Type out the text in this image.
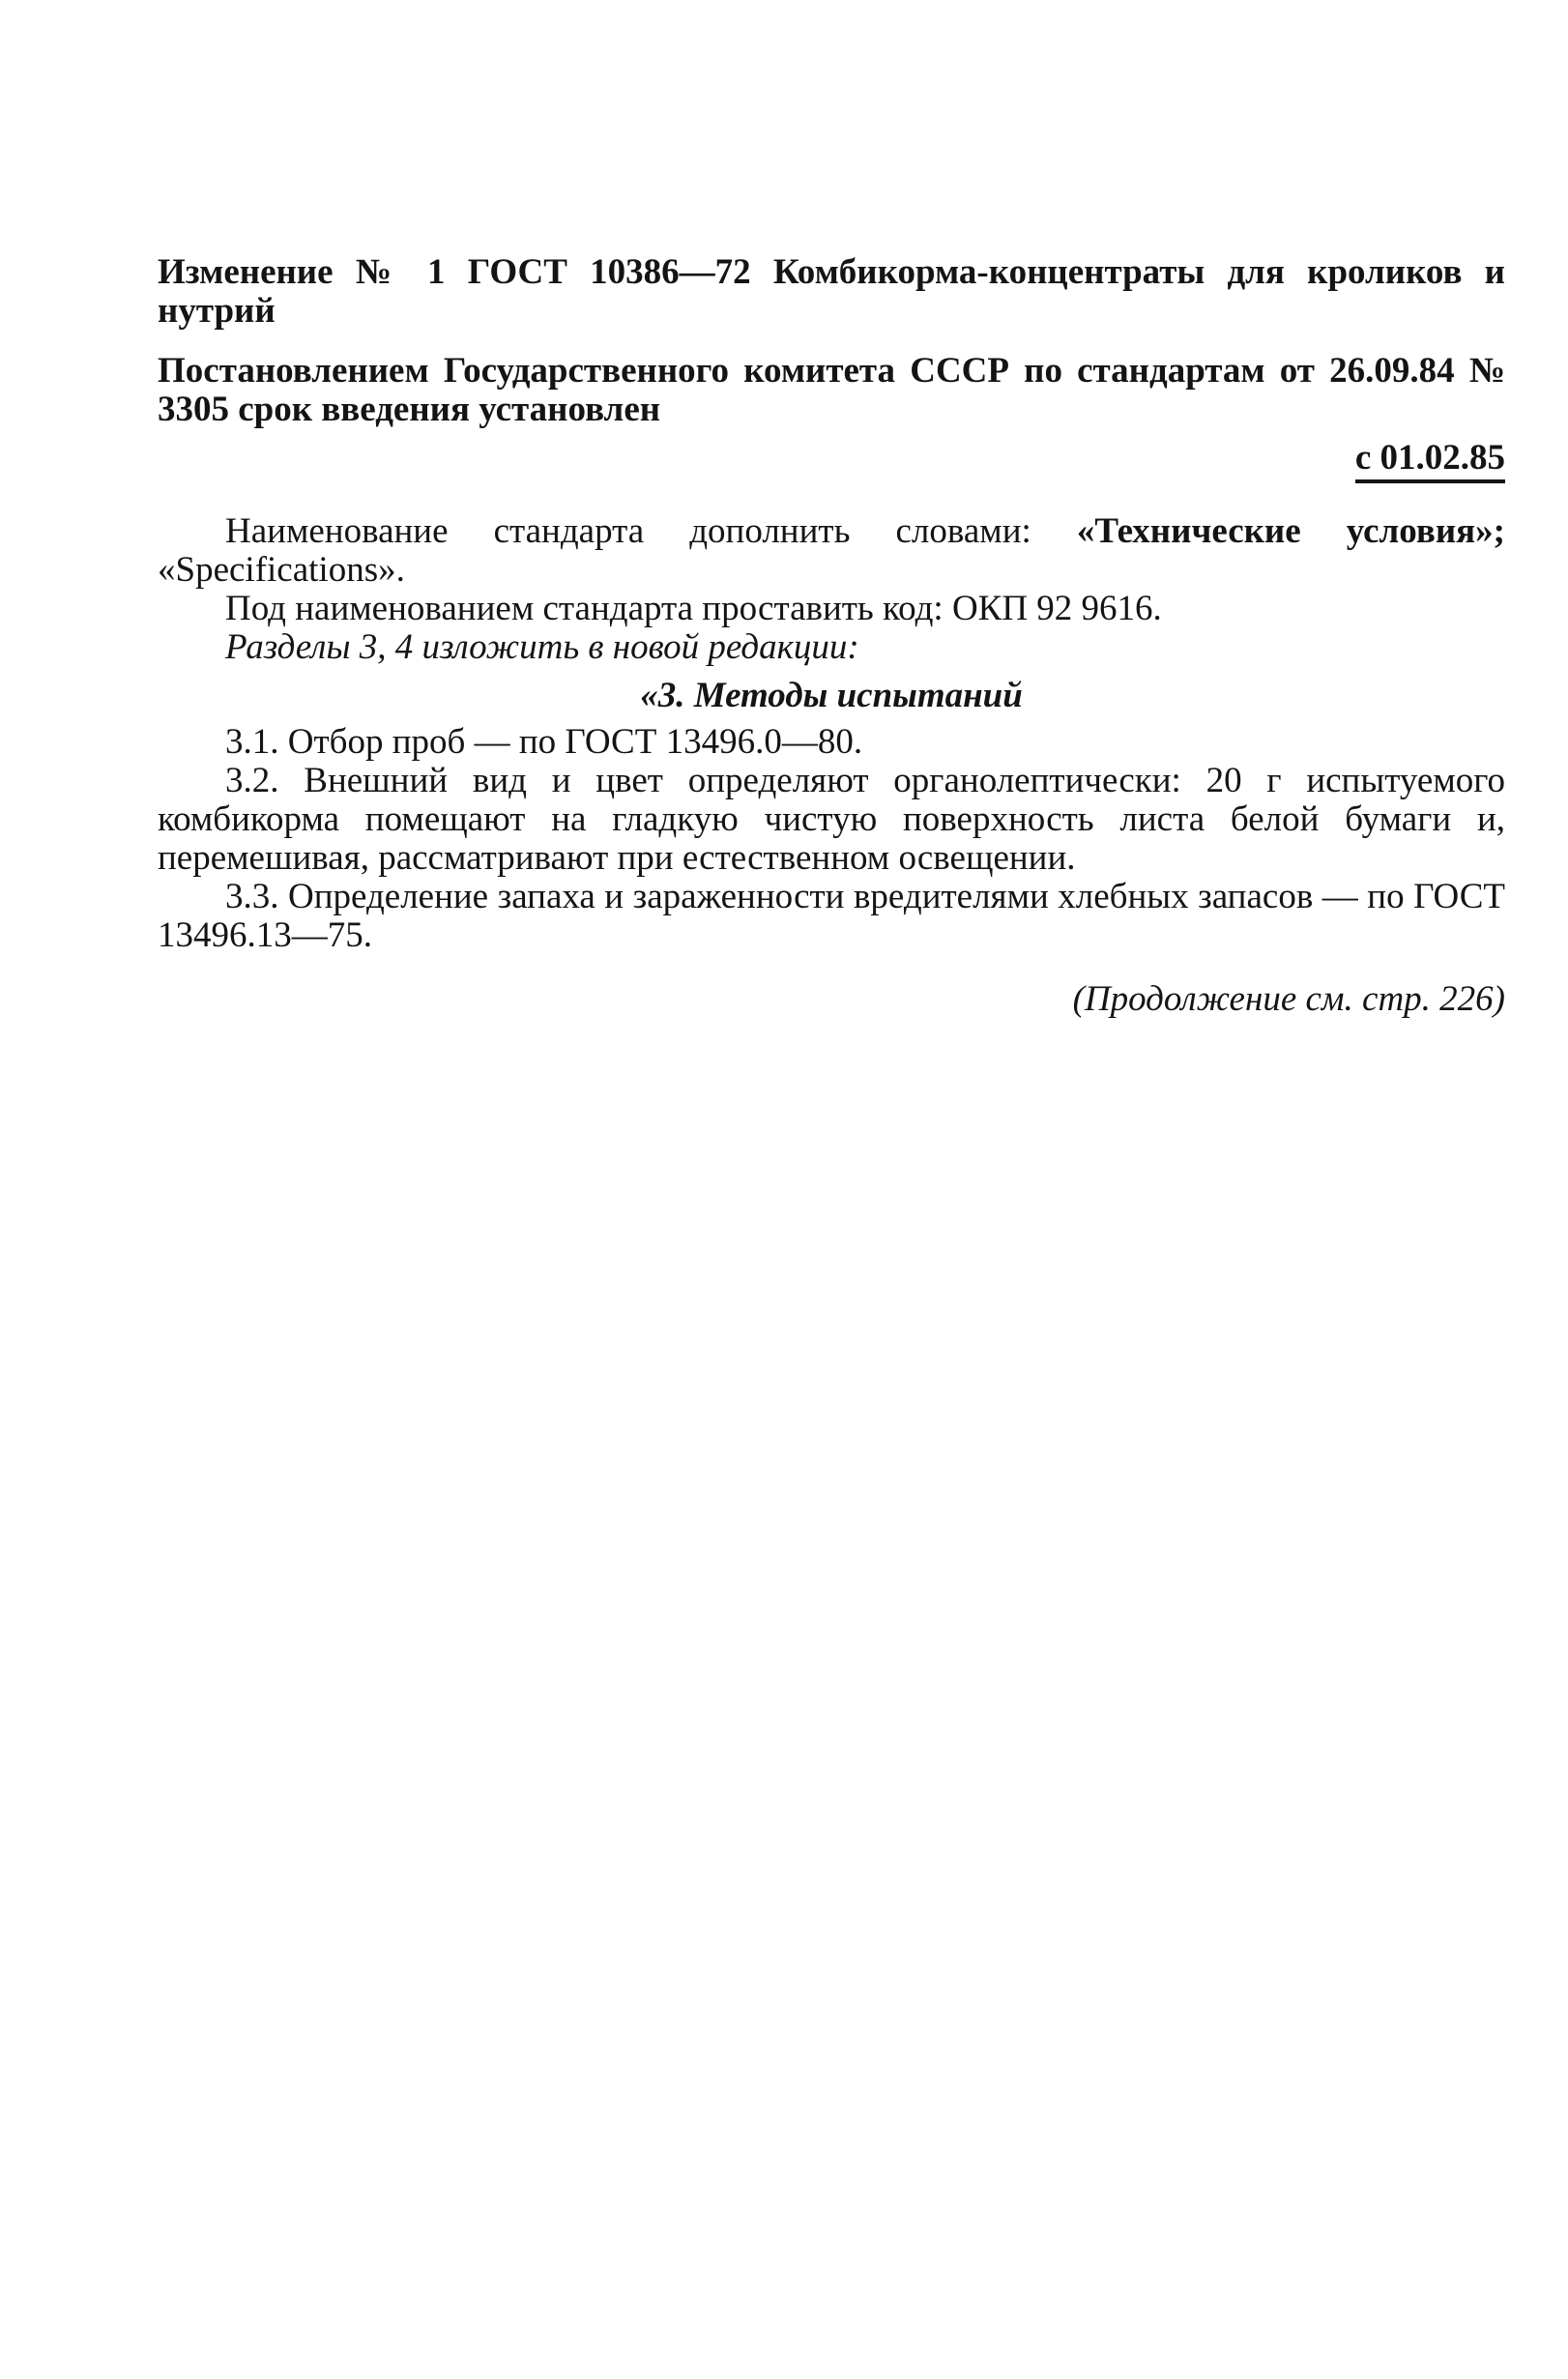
Изменение № 1 ГОСТ 10386—72 Комбикорма-концентраты для кроликов и нутрий

Постановлением Государственного комитета СССР по стандартам от 26.09.84 № 3305 срок введения установлен

с 01.02.85

Наименование стандарта дополнить словами: «Технические условия»; «Specifications».

Под наименованием стандарта проставить код: ОКП 92 9616.

Разделы 3, 4 изложить в новой редакции:

«3. Методы испытаний

3.1. Отбор проб — по ГОСТ 13496.0—80.

3.2. Внешний вид и цвет определяют органолептически: 20 г испытуемого комбикорма помещают на гладкую чистую поверхность листа белой бумаги и, перемешивая, рассматривают при естественном освещении.

3.3. Определение запаха и зараженности вредителями хлебных запасов — по ГОСТ 13496.13—75.

(Продолжение см. стр. 226)
